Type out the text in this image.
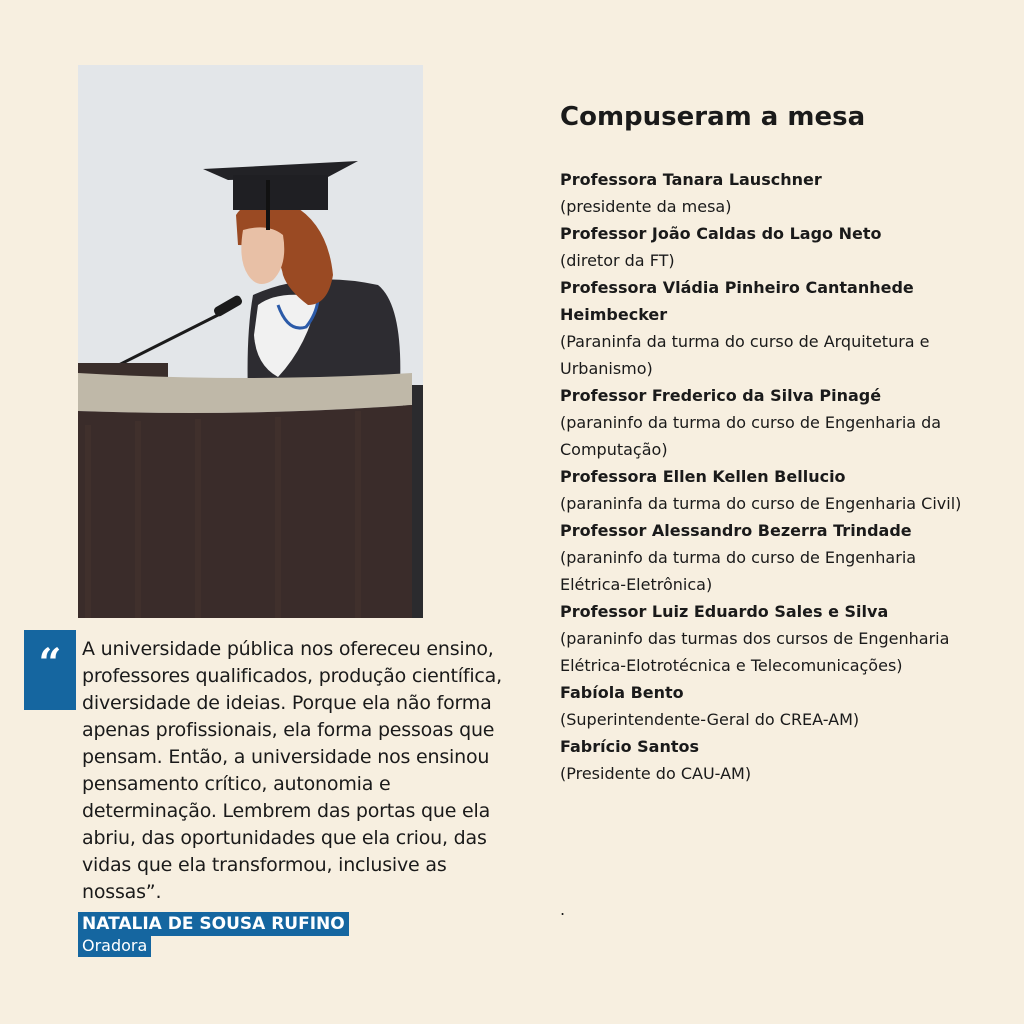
“	A universidade pública nos ofereceu ensino, professores qualificados, produção científica, diversidade de ideias. Porque ela não forma apenas profissionais, ela forma pessoas que pensam. Então, a universidade nos ensinou pensamento crítico, autonomia e determinação. Lembrem das portas que ela abriu, das oportunidades que ela criou, das vidas que ela transformou, inclusive as nossas”.
NATALIA DE SOUSA RUFINO
Oradora
Compuseram a mesa
Professora Tanara Lauschner
(presidente da mesa)
Professor João Caldas do Lago Neto
(diretor da FT)
Professora Vládia Pinheiro Cantanhede Heimbecker
(Paraninfa da turma do curso de Arquitetura e Urbanismo)
Professor Frederico da Silva Pinagé
(paraninfo da turma do curso de Engenharia da Computação)
Professora Ellen Kellen Bellucio
(paraninfa da turma do curso de Engenharia Civil)
Professor Alessandro Bezerra Trindade
(paraninfo da turma do curso de Engenharia Elétrica-Eletrônica)
Professor Luiz Eduardo Sales e Silva
(paraninfo das turmas dos cursos de Engenharia Elétrica-Elotrotécnica e Telecomunicações)
Fabíola Bento
(Superintendente-Geral do CREA-AM)
Fabrício Santos
(Presidente do CAU-AM)
.
